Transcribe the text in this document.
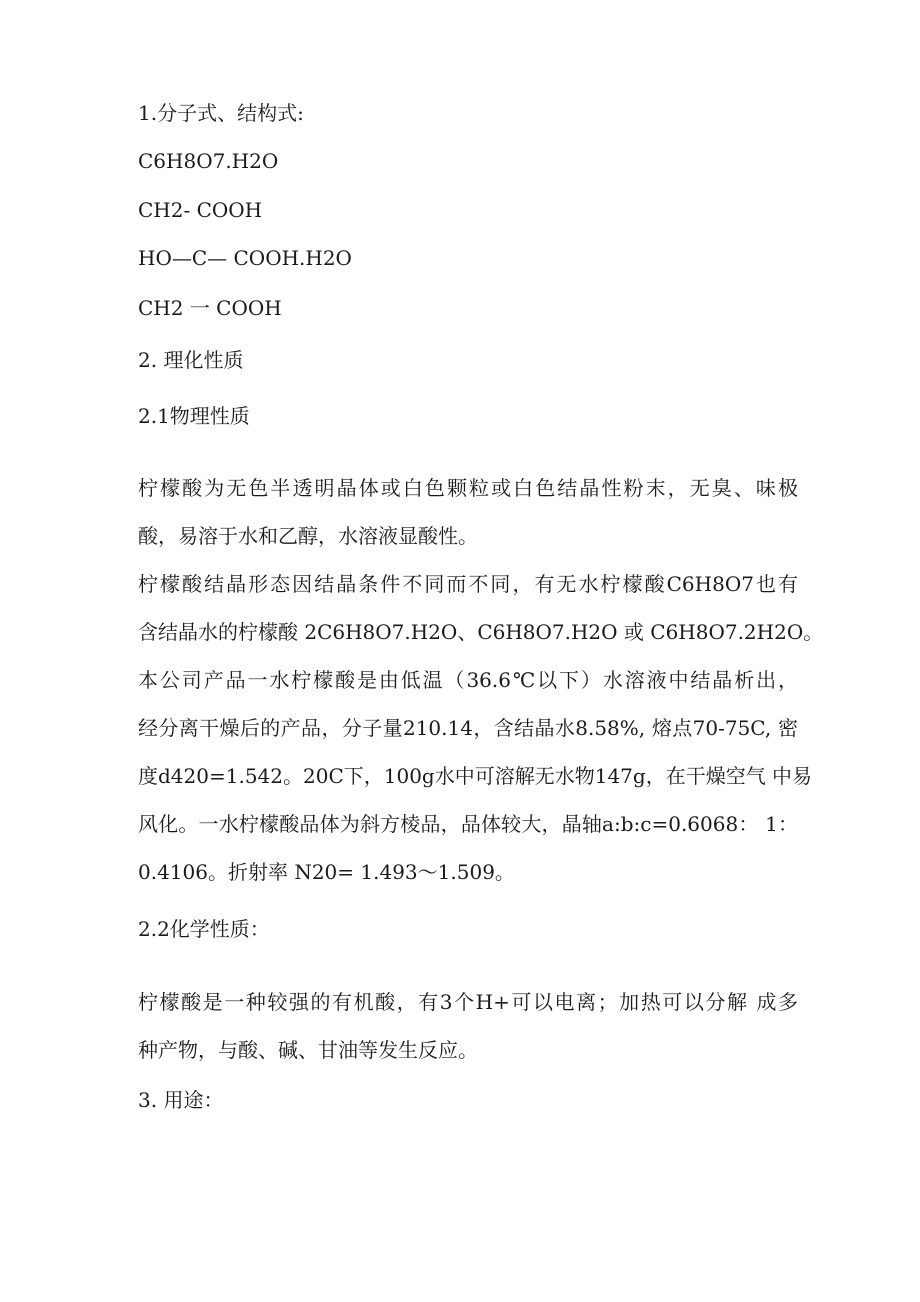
1.分子式、结构式:
C6H8O7.H2O
CH2- COOH
HO—C— COOH.H2O
CH2 一 COOH
2. 理化性质
2.1物理性质
柠檬酸为无色半透明晶体或白色颗粒或白色结晶性粉末，无臭、味极
酸，易溶于水和乙醇，水溶液显酸性。
柠檬酸结晶形态因结晶条件不同而不同，有无水柠檬酸C6H8O7也有
含结晶水的柠檬酸 2C6H8O7.H2O、C6H8O7.H2O 或 C6H8O7.2H2O。
本公司产品一水柠檬酸是由低温（36.6℃以下）水溶液中结晶析出，
经分离干燥后的产品，分子量210.14，含结晶水8.58%, 熔点70-75C, 密
度d420=1.542。20C下，100g水中可溶解无水物147g，在干燥空气 中易
风化。一水柠檬酸品体为斜方棱品，品体较大，晶轴a:b:c=0.6068： 1：
0.4106。折射率 N20= 1.493〜1.509。
2.2化学性质：
柠檬酸是一种较强的有机酸，有3个H+可以电离；加热可以分解 成多
种产物，与酸、碱、甘油等发生反应。
3. 用途：
